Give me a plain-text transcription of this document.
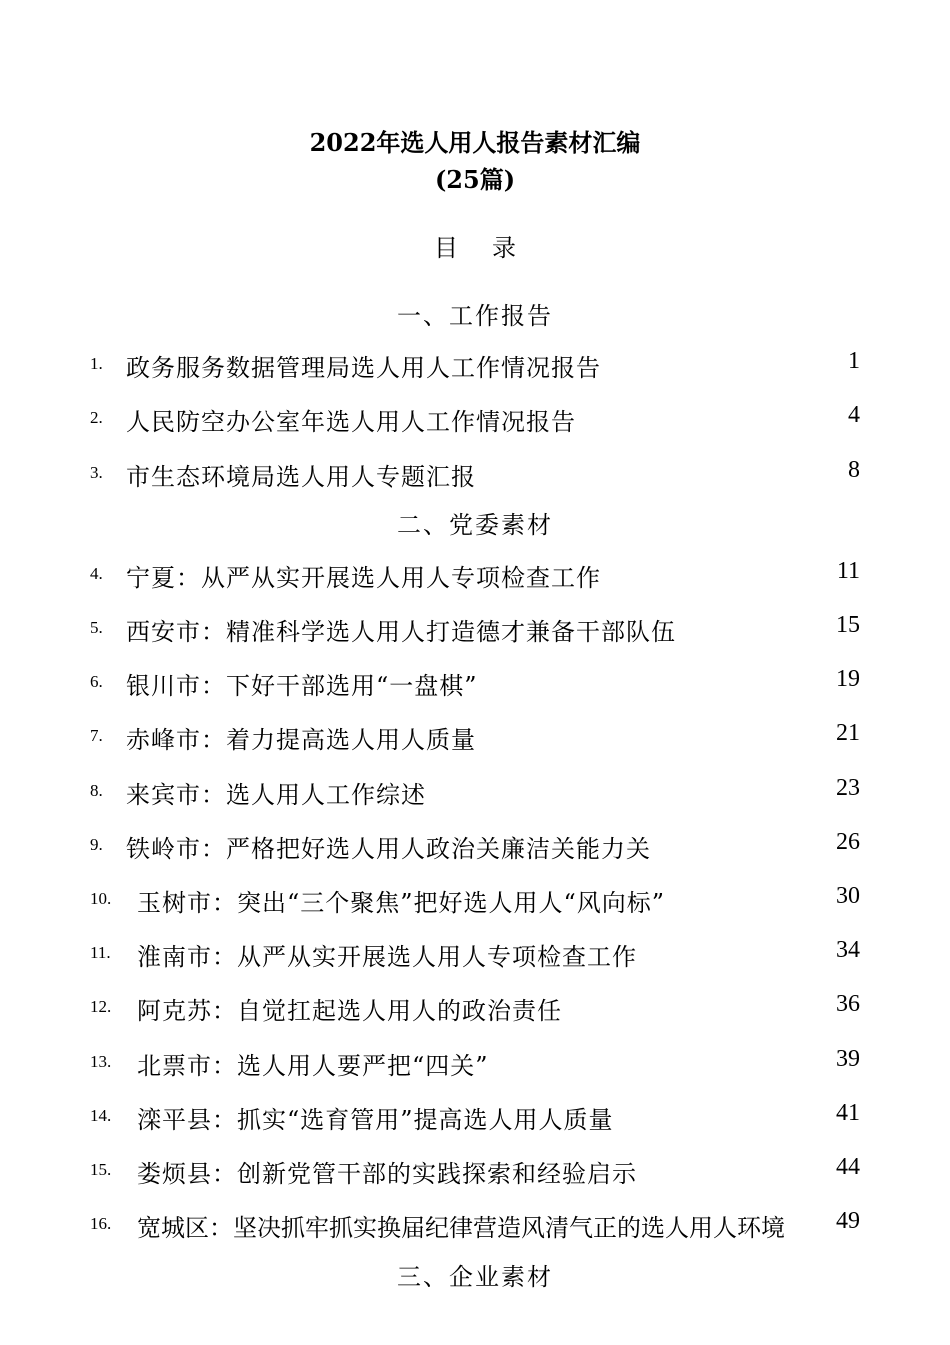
2022年选人用人报告素材汇编
(25篇)
目录
一、工作报告
1. 政务服务数据管理局选人用人工作情况报告	1
2. 人民防空办公室年选人用人工作情况报告	4
3. 市生态环境局选人用人专题汇报	8
二、党委素材
4. 宁夏：从严从实开展选人用人专项检查工作	11
5. 西安市：精准科学选人用人打造德才兼备干部队伍	15
6. 银川市：下好干部选用“一盘棋”	19
7. 赤峰市：着力提高选人用人质量	21
8. 来宾市：选人用人工作综述	23
9. 铁岭市：严格把好选人用人政治关廉洁关能力关	26
10. 玉树市：突出“三个聚焦”把好选人用人“风向标”	30
11. 淮南市：从严从实开展选人用人专项检查工作	34
12. 阿克苏：自觉扛起选人用人的政治责任	36
13. 北票市：选人用人要严把“四关”	39
14. 滦平县：抓实“选育管用”提高选人用人质量	41
15. 娄烦县：创新党管干部的实践探索和经验启示	44
16. 宽城区：坚决抓牢抓实换届纪律营造风清气正的选人用人环境 49
三、企业素材
